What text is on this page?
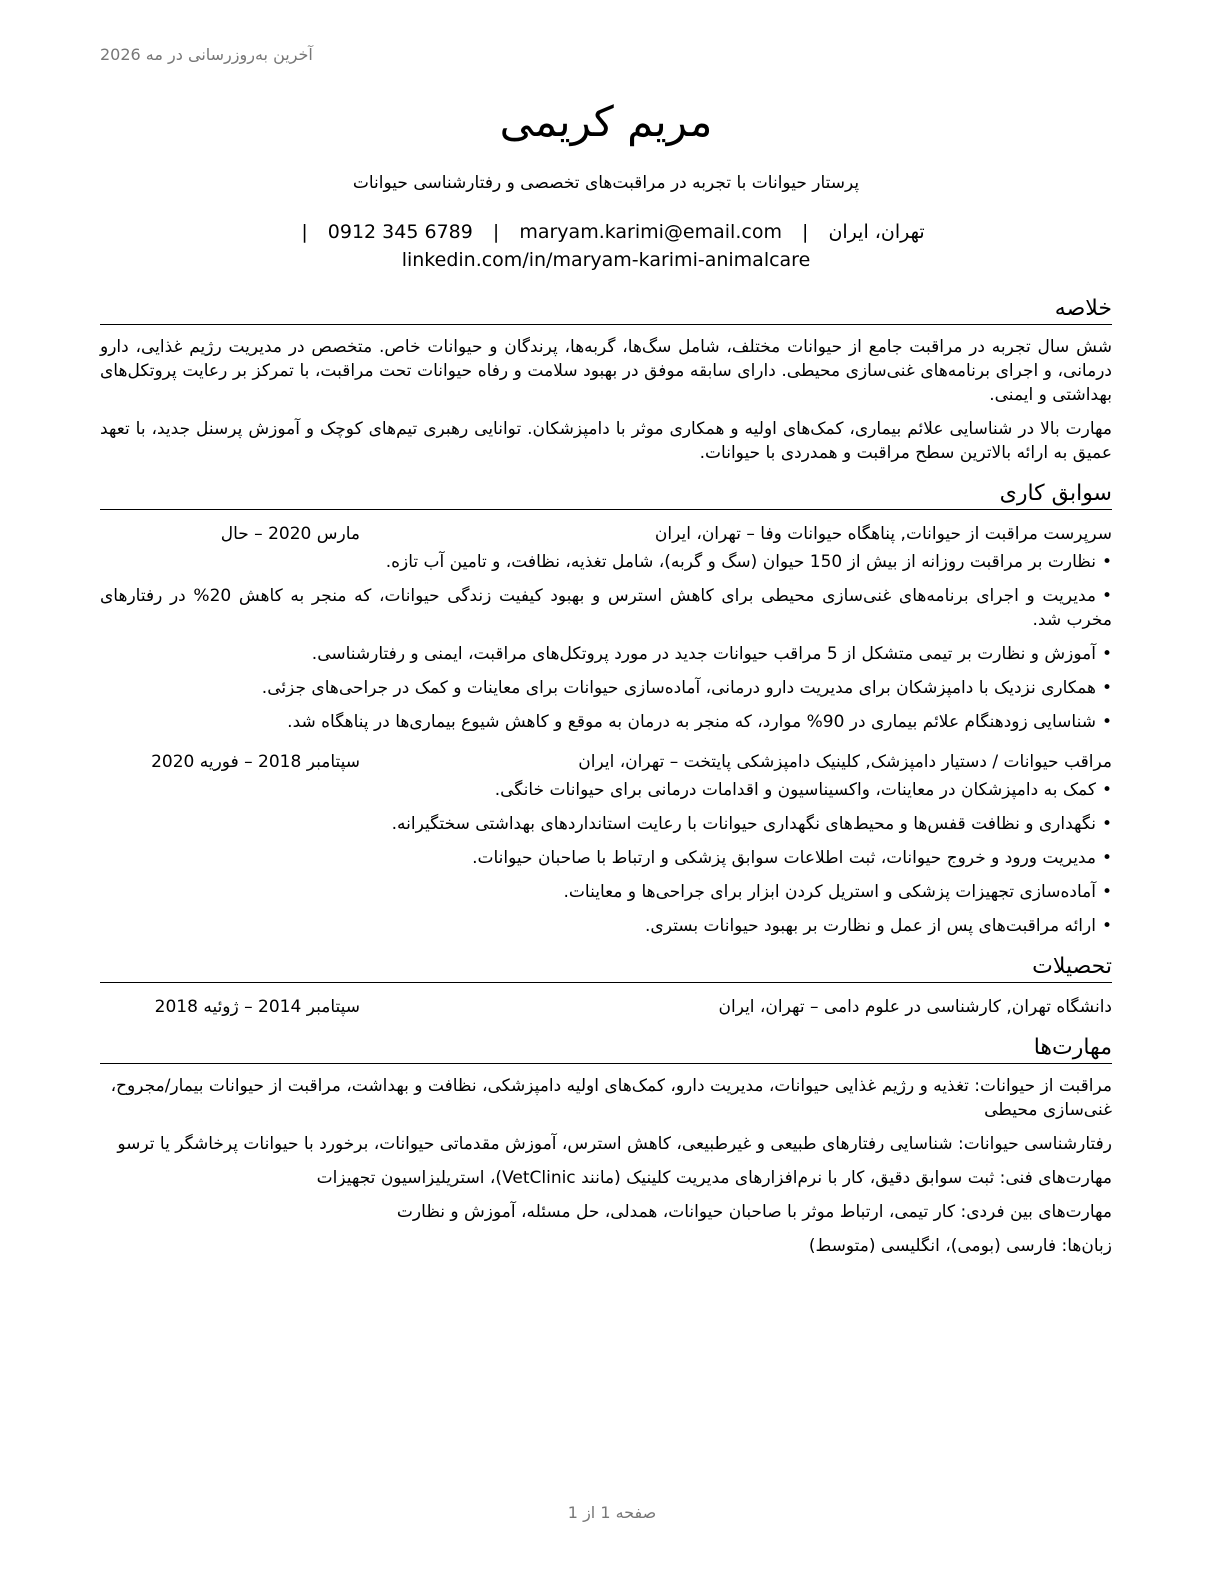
آخرین به‌روزرسانی در مه 2026
مریم کریمی
پرستار حیوانات با تجربه در مراقبت‌های تخصصی و رفتارشناسی حیوانات
تهران، ایران | maryam.karimi@email.com | 0912 345 6789 | linkedin.com/in/maryam-karimi-animalcare
خلاصه

شش سال تجربه در مراقبت جامع از حیوانات مختلف، شامل سگ‌ها، گربه‌ها، پرندگان و حیوانات خاص. متخصص در مدیریت رژیم غذایی، دارو درمانی، و اجرای برنامه‌های غنی‌سازی محیطی. دارای سابقه موفق در بهبود سلامت و رفاه حیوانات تحت مراقبت، با تمرکز بر رعایت پروتکل‌های بهداشتی و ایمنی.

مهارت بالا در شناسایی علائم بیماری، کمک‌های اولیه و همکاری موثر با دامپزشکان. توانایی رهبری تیم‌های کوچک و آموزش پرسنل جدید، با تعهد عمیق به ارائه بالاترین سطح مراقبت و همدردی با حیوانات.

سوابق کاری
سرپرست مراقبت از حیوانات, پناهگاه حیوانات وفا – تهران، ایران
مارس 2020 – حال
•نظارت بر مراقبت روزانه از بیش از 150 حیوان (سگ و گربه)، شامل تغذیه، نظافت، و تامین آب تازه.
•مدیریت و اجرای برنامه‌های غنی‌سازی محیطی برای کاهش استرس و بهبود کیفیت زندگی حیوانات، که منجر به کاهش 20% در رفتارهای مخرب شد.
•آموزش و نظارت بر تیمی متشکل از 5 مراقب حیوانات جدید در مورد پروتکل‌های مراقبت، ایمنی و رفتارشناسی.
•همکاری نزدیک با دامپزشکان برای مدیریت دارو درمانی، آماده‌سازی حیوانات برای معاینات و کمک در جراحی‌های جزئی.
•شناسایی زودهنگام علائم بیماری در 90% موارد، که منجر به درمان به موقع و کاهش شیوع بیماری‌ها در پناهگاه شد.
مراقب حیوانات / دستیار دامپزشک, کلینیک دامپزشکی پایتخت – تهران، ایران
سپتامبر 2018 – فوریه 2020
•کمک به دامپزشکان در معاینات، واکسیناسیون و اقدامات درمانی برای حیوانات خانگی.
•نگهداری و نظافت قفس‌ها و محیط‌های نگهداری حیوانات با رعایت استانداردهای بهداشتی سختگیرانه.
•مدیریت ورود و خروج حیوانات، ثبت اطلاعات سوابق پزشکی و ارتباط با صاحبان حیوانات.
•آماده‌سازی تجهیزات پزشکی و استریل کردن ابزار برای جراحی‌ها و معاینات.
•ارائه مراقبت‌های پس از عمل و نظارت بر بهبود حیوانات بستری.
تحصیلات
دانشگاه تهران, کارشناسی در علوم دامی – تهران، ایران
سپتامبر 2014 – ژوئیه 2018
مهارت‌ها

مراقبت از حیوانات: تغذیه و رژیم غذایی حیوانات، مدیریت دارو، کمک‌های اولیه دامپزشکی، نظافت و بهداشت، مراقبت از حیوانات بیمار/مجروح، غنی‌سازی محیطی

رفتارشناسی حیوانات: شناسایی رفتارهای طبیعی و غیرطبیعی، کاهش استرس، آموزش مقدماتی حیوانات، برخورد با حیوانات پرخاشگر یا ترسو

مهارت‌های فنی: ثبت سوابق دقیق، کار با نرم‌افزارهای مدیریت کلینیک (مانند VetClinic)، استریلیزاسیون تجهیزات

مهارت‌های بین فردی: کار تیمی، ارتباط موثر با صاحبان حیوانات، همدلی، حل مسئله، آموزش و نظارت

زبان‌ها: فارسی (بومی)، انگلیسی (متوسط)

صفحه 1 از 1
